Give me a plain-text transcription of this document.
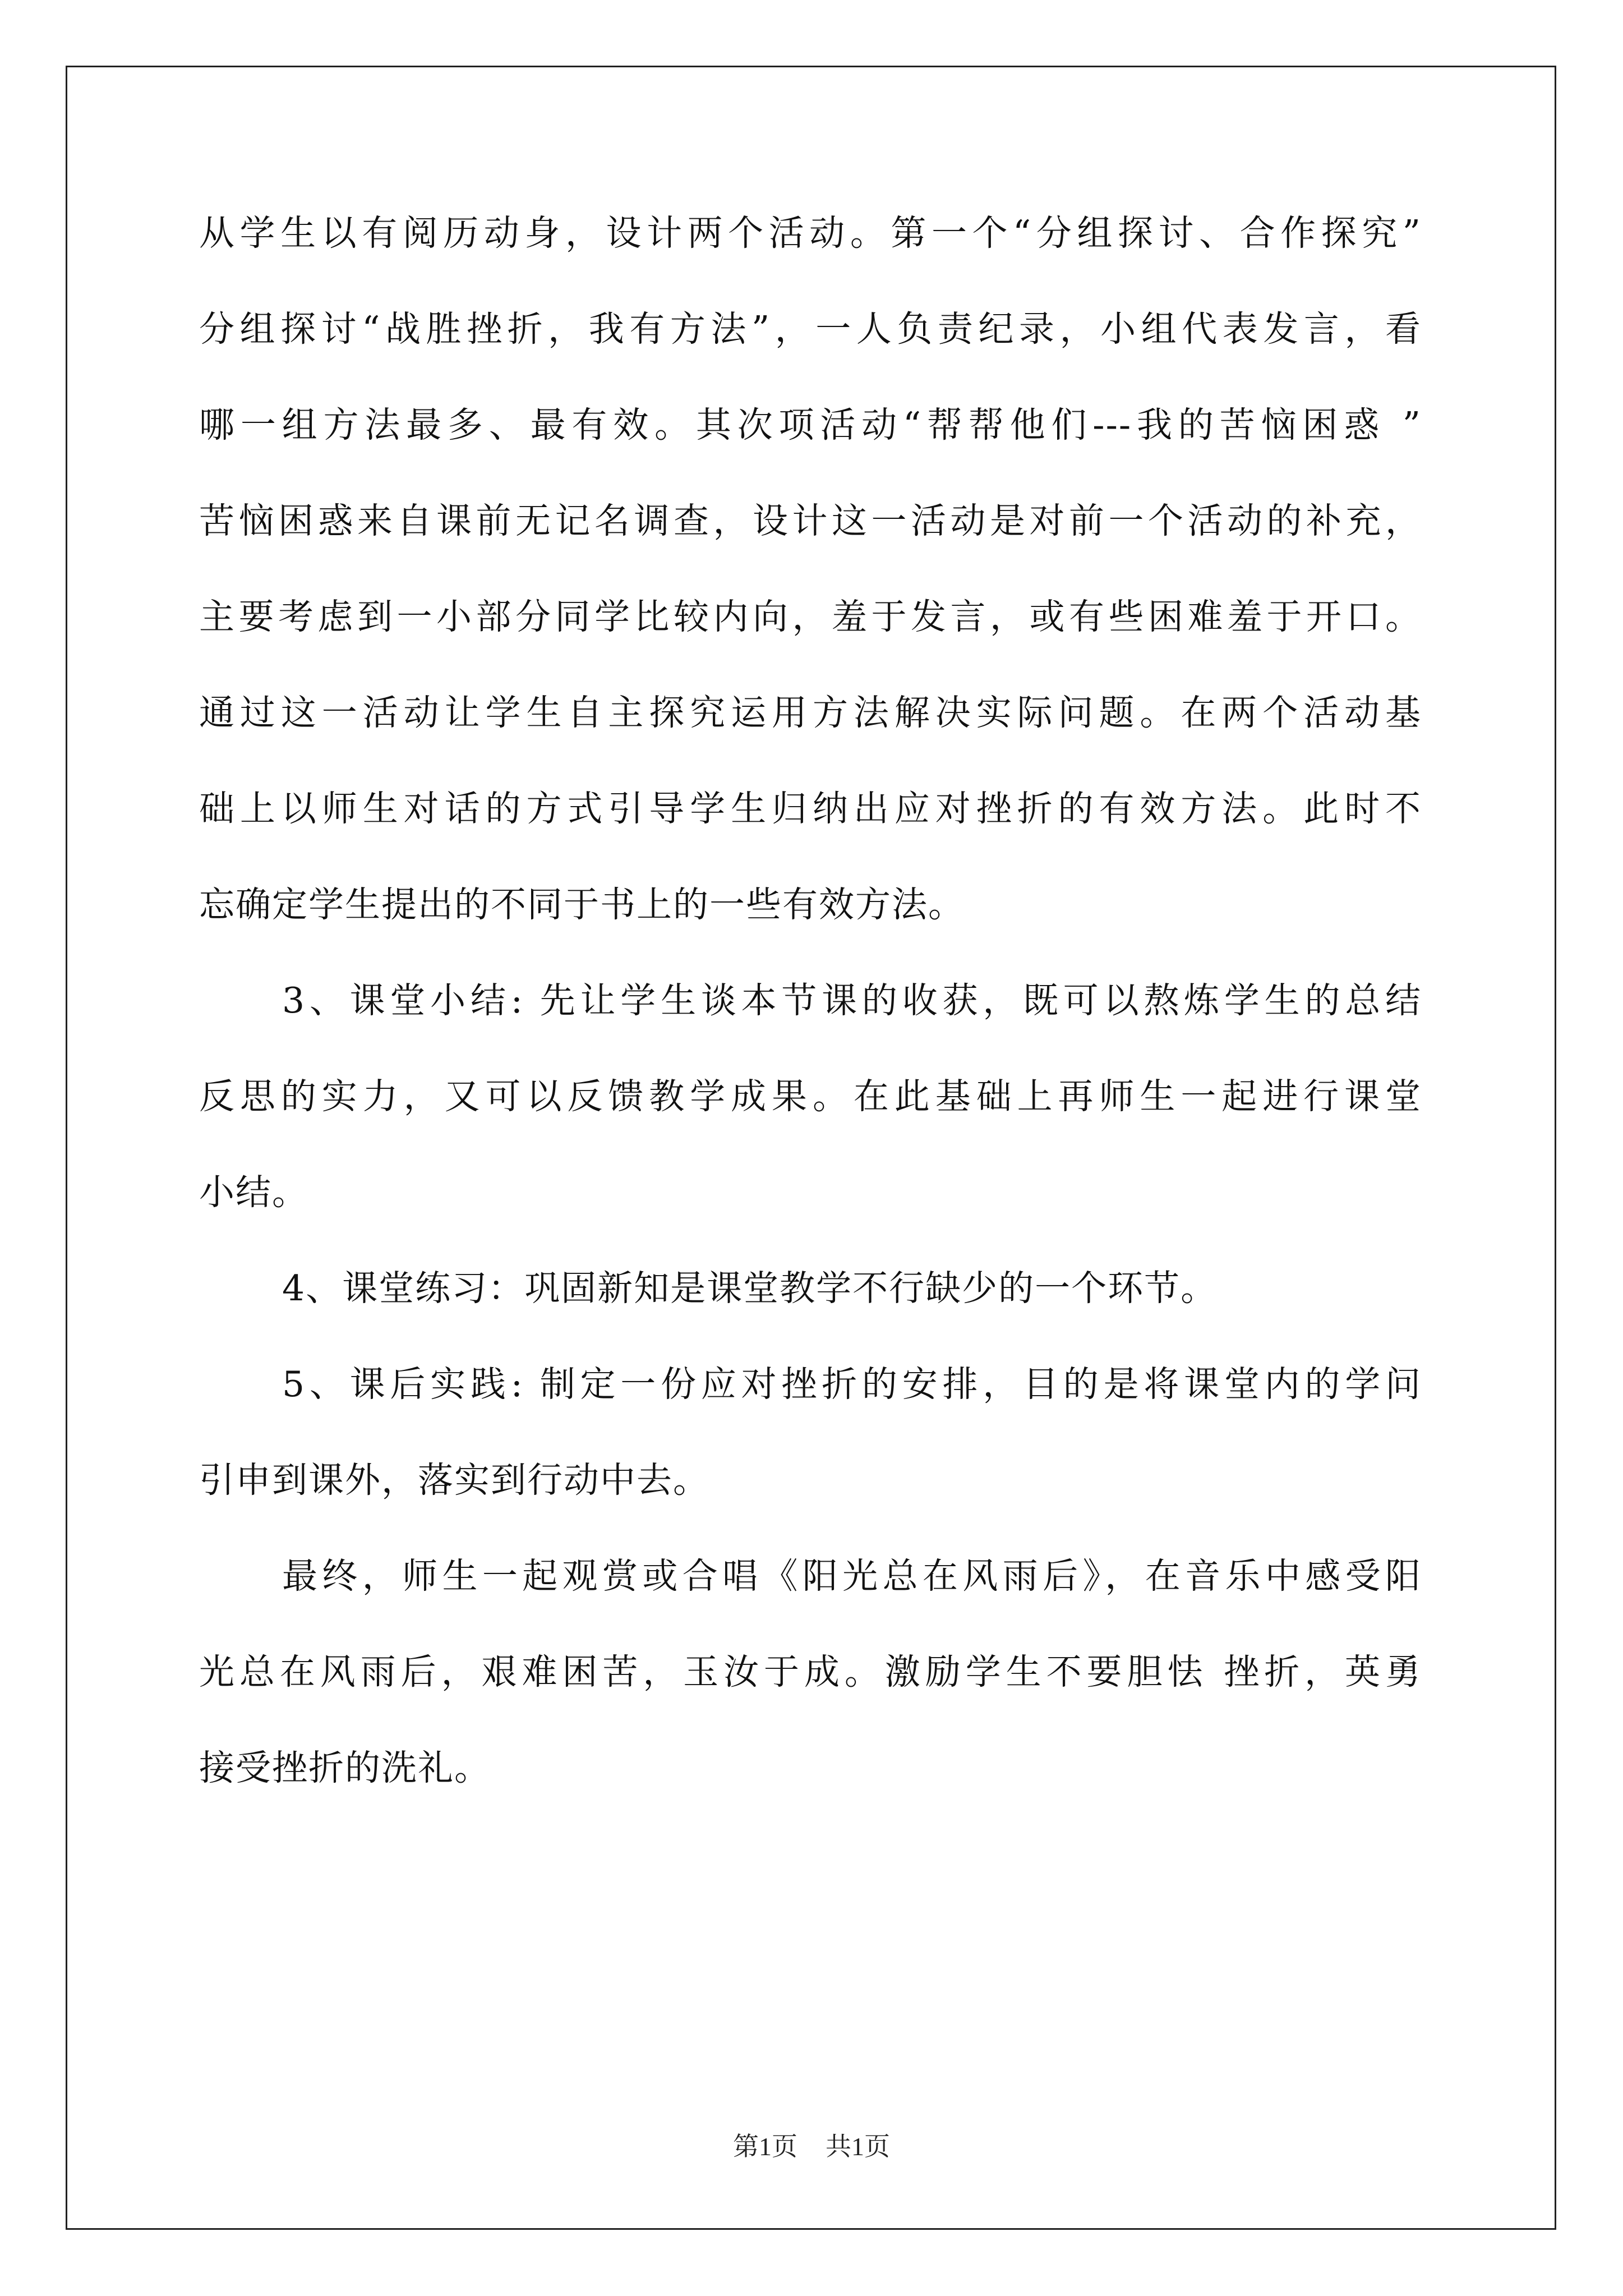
从学生以有阅历动身，设计两个活动。第一个“分组探讨、合作探究”
分组探讨“战胜挫折，我有方法”，一人负责纪录，小组代表发言，看
哪一组方法最多、最有效。其次项活动“帮帮他们---我的苦恼困惑 ”
苦恼困惑来自课前无记名调查，设计这一活动是对前一个活动的补充，
主要考虑到一小部分同学比较内向，羞于发言，或有些困难羞于开口。
通过这一活动让学生自主探究运用方法解决实际问题。在两个活动基
础上以师生对话的方式引导学生归纳出应对挫折的有效方法。此时不
忘确定学生提出的不同于书上的一些有效方法。
3、课堂小结: 先让学生谈本节课的收获，既可以熬炼学生的总结
反思的实力，又可以反馈教学成果。在此基础上再师生一起进行课堂
小结。
4、课堂练习：巩固新知是课堂教学不行缺少的一个环节。
5、课后实践: 制定一份应对挫折的安排，目的是将课堂内的学问
引申到课外，落实到行动中去。
最终，师生一起观赏或合唱《阳光总在风雨后》，在音乐中感受阳
光总在风雨后，艰难困苦，玉汝于成。激励学生不要胆怯 挫折，英勇
接受挫折的洗礼。
第1页 共1页
